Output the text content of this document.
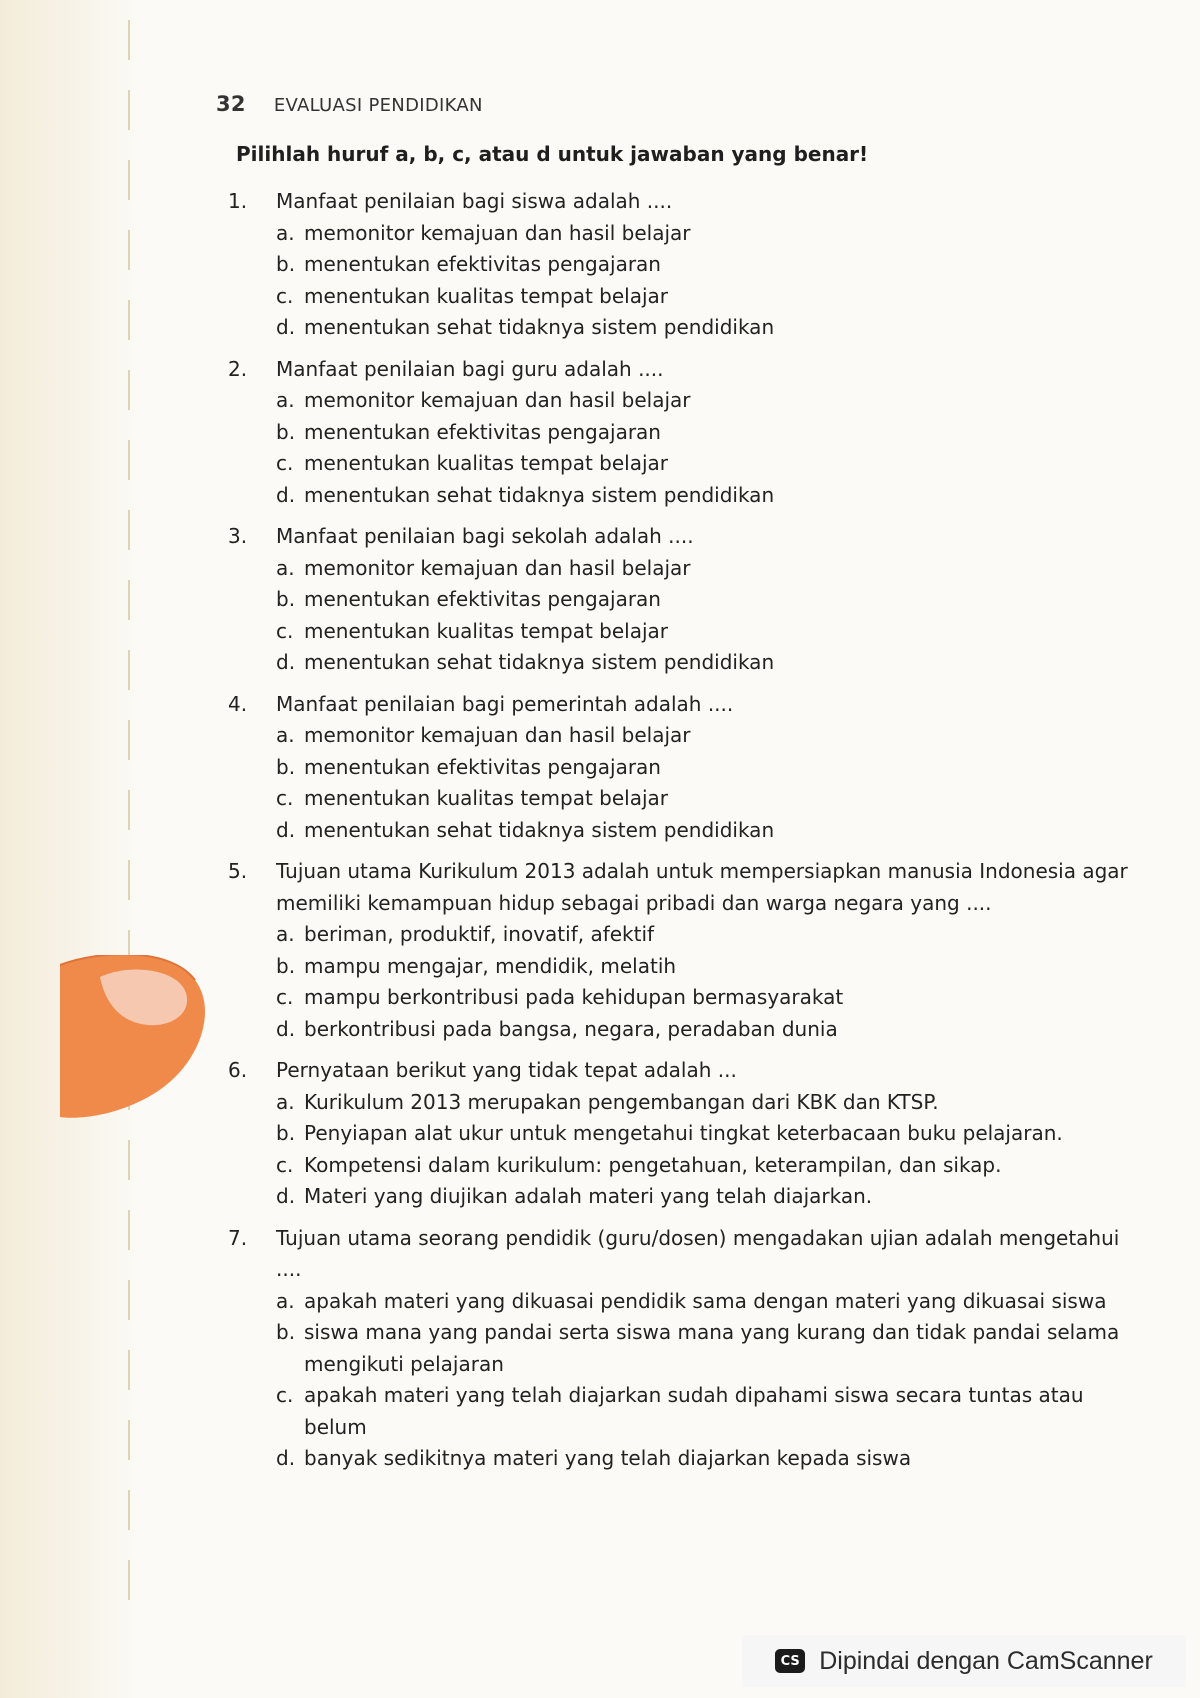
32 EVALUASI PENDIDIKAN
Pilihlah huruf a, b, c, atau d untuk jawaban yang benar!
1.	Manfaat penilaian bagi siswa adalah ....
a. memonitor kemajuan dan hasil belajar
b. menentukan efektivitas pengajaran
c. menentukan kualitas tempat belajar
d. menentukan sehat tidaknya sistem pendidikan
2.	Manfaat penilaian bagi guru adalah ....
a. memonitor kemajuan dan hasil belajar
b. menentukan efektivitas pengajaran
c. menentukan kualitas tempat belajar
d. menentukan sehat tidaknya sistem pendidikan
3.	Manfaat penilaian bagi sekolah adalah ....
a. memonitor kemajuan dan hasil belajar
b. menentukan efektivitas pengajaran
c. menentukan kualitas tempat belajar
d. menentukan sehat tidaknya sistem pendidikan
4.	Manfaat penilaian bagi pemerintah adalah ....
a. memonitor kemajuan dan hasil belajar
b. menentukan efektivitas pengajaran
c. menentukan kualitas tempat belajar
d. menentukan sehat tidaknya sistem pendidikan
5.	Tujuan utama Kurikulum 2013 adalah untuk mempersiapkan manusia Indonesia agar memiliki kemampuan hidup sebagai pribadi dan warga negara yang ....
a. beriman, produktif, inovatif, afektif
b. mampu mengajar, mendidik, melatih
c. mampu berkontribusi pada kehidupan bermasyarakat
d. berkontribusi pada bangsa, negara, peradaban dunia
6.	Pernyataan berikut yang tidak tepat adalah ...
a. Kurikulum 2013 merupakan pengembangan dari KBK dan KTSP.
b. Penyiapan alat ukur untuk mengetahui tingkat keterbacaan buku pelajaran.
c. Kompetensi dalam kurikulum: pengetahuan, keterampilan, dan sikap.
d. Materi yang diujikan adalah materi yang telah diajarkan.
7.	Tujuan utama seorang pendidik (guru/dosen) mengadakan ujian adalah mengetahui ....
a. apakah materi yang dikuasai pendidik sama dengan materi yang dikuasai siswa
b. siswa mana yang pandai serta siswa mana yang kurang dan tidak pandai selama mengikuti pelajaran
c. apakah materi yang telah diajarkan sudah dipahami siswa secara tuntas atau belum
d. banyak sedikitnya materi yang telah diajarkan kepada siswa
CS Dipindai dengan CamScanner
